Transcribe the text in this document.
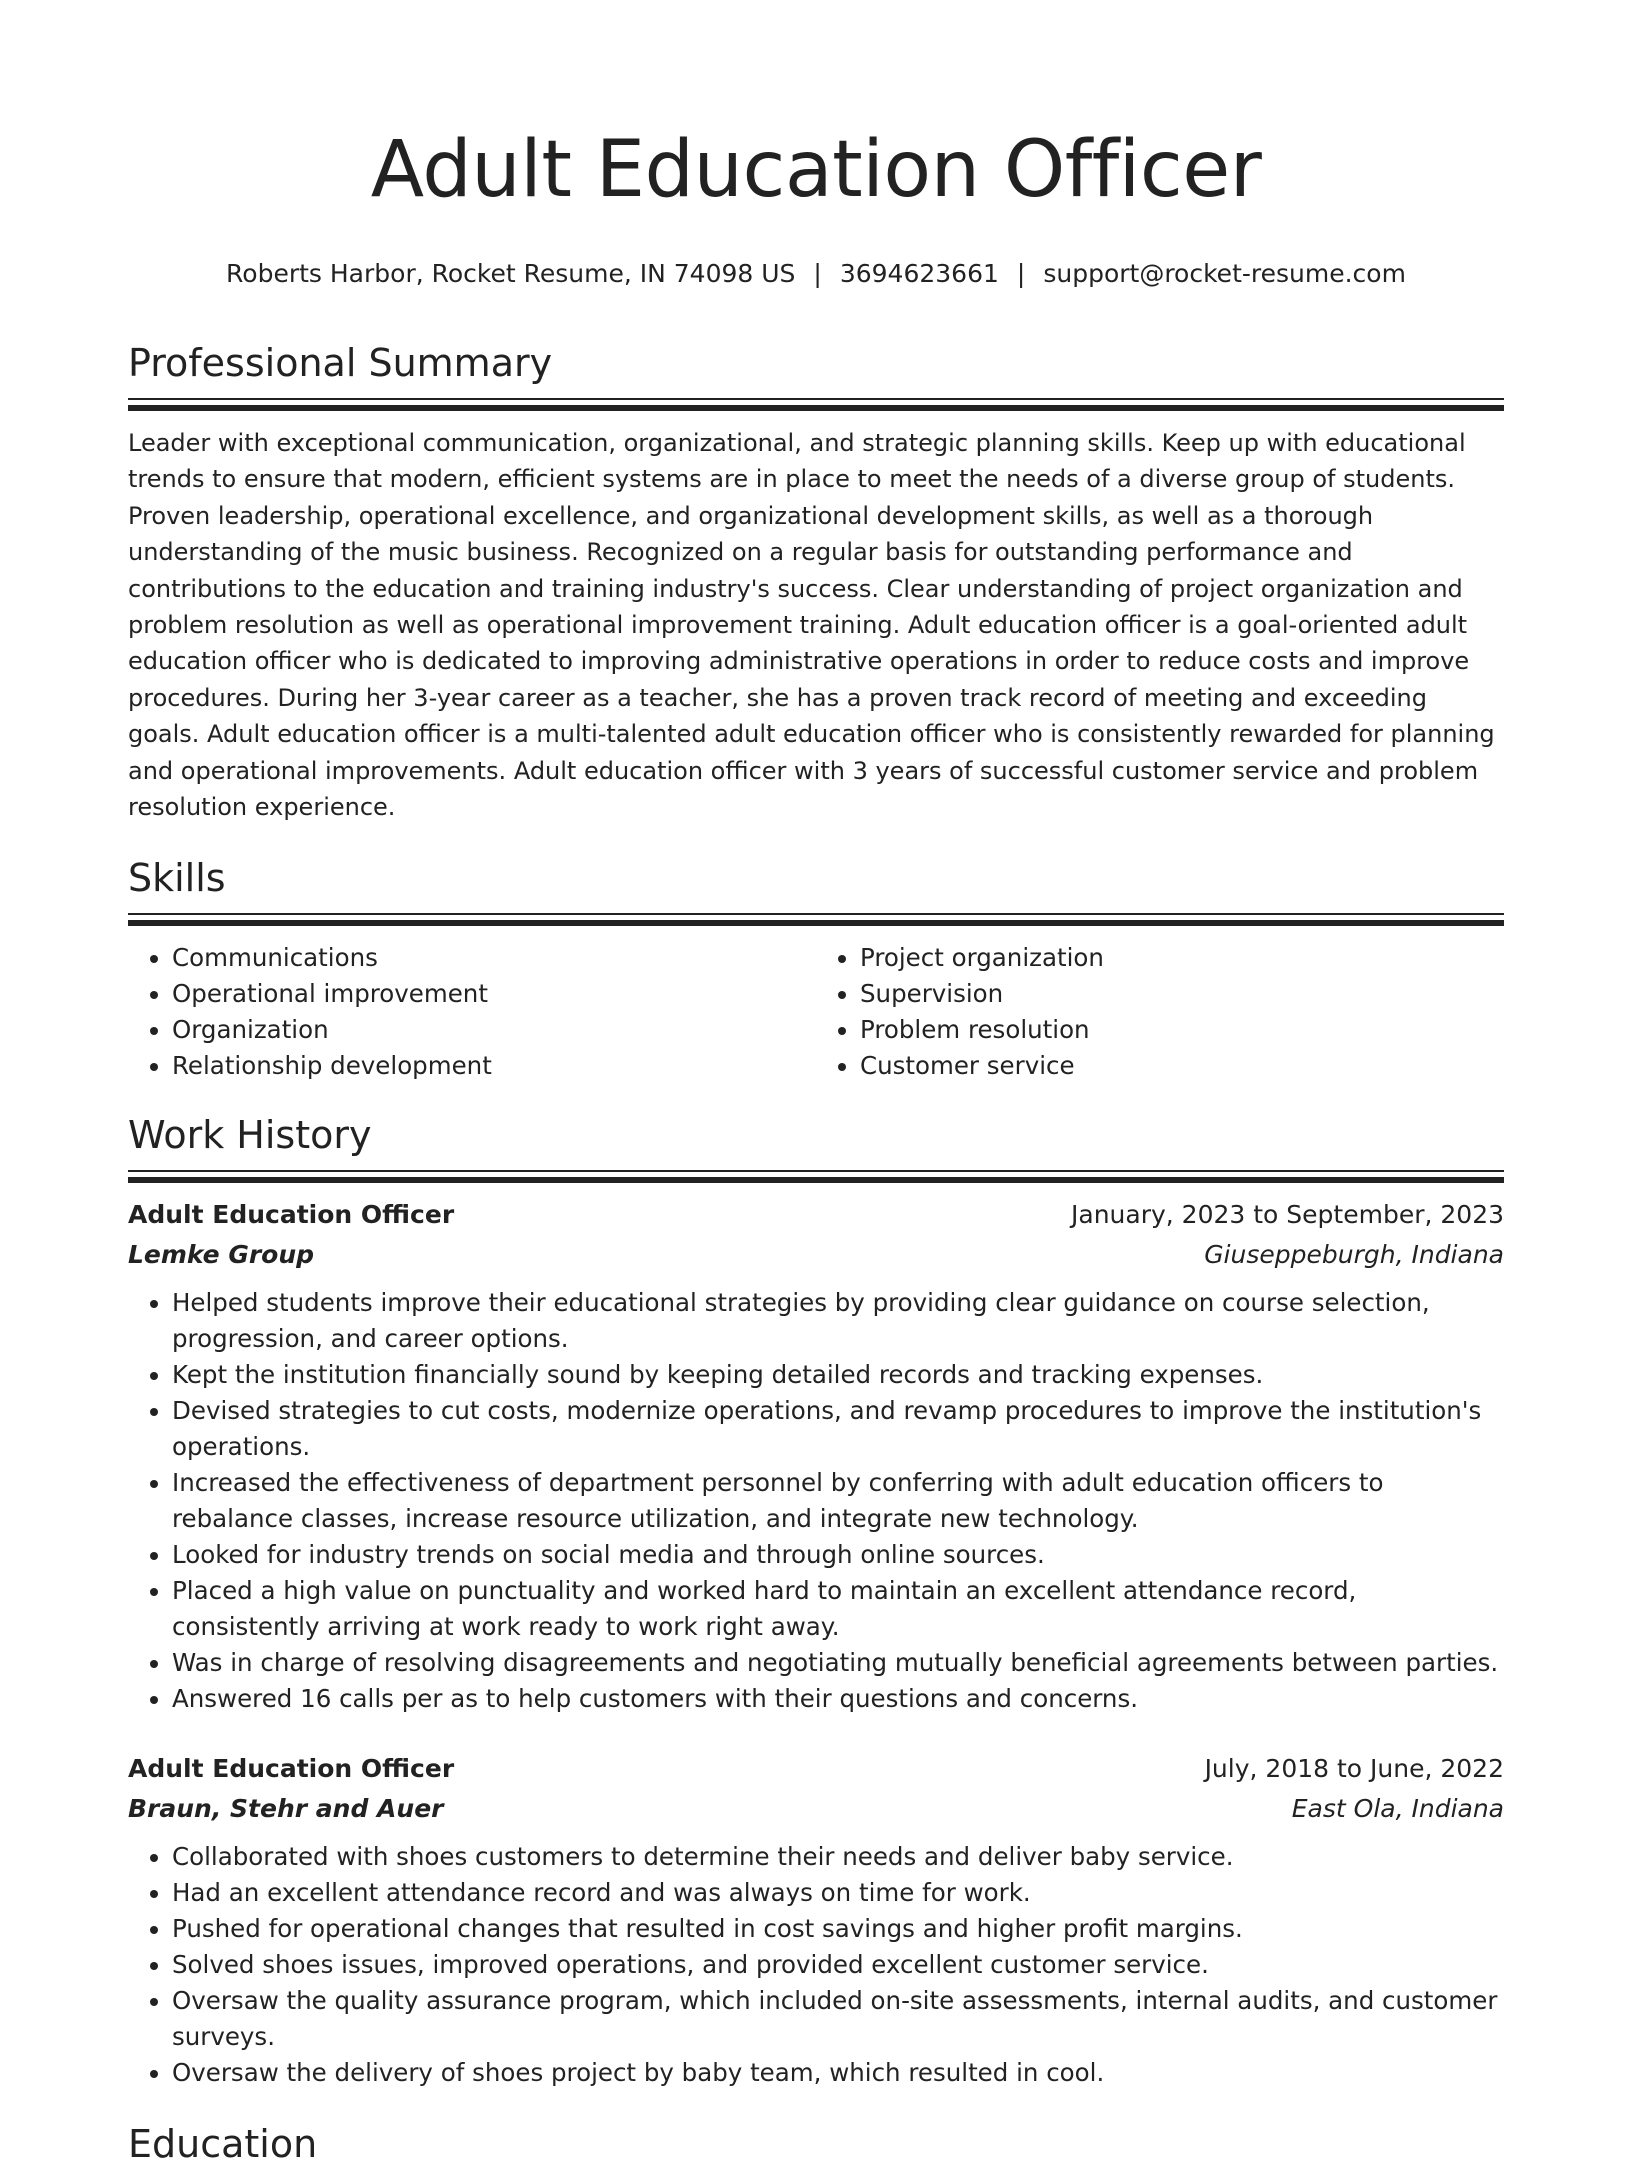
Adult Education Officer
Roberts Harbor, Rocket Resume, IN 74098 US | 3694623661 | support@rocket-resume.com
Professional Summary

Leader with exceptional communication, organizational, and strategic planning skills. Keep up with educational trends to ensure that modern, efficient systems are in place to meet the needs of a diverse group of students. Proven leadership, operational excellence, and organizational development skills, as well as a thorough understanding of the music business. Recognized on a regular basis for outstanding performance and contributions to the education and training industry's success. Clear understanding of project organization and problem resolution as well as operational improvement training. Adult education officer is a goal-oriented adult education officer who is dedicated to improving administrative operations in order to reduce costs and improve procedures. During her 3-year career as a teacher, she has a proven track record of meeting and exceeding goals. Adult education officer is a multi-talented adult education officer who is consistently rewarded for planning and operational improvements. Adult education officer with 3 years of successful customer service and problem resolution experience.

Skills
• Communications
• Operational improvement
• Organization
• Relationship development
• Project organization
• Supervision
• Problem resolution
• Customer service
Work History
Adult Education Officer	January, 2023 to September, 2023
Lemke Group	Giuseppeburgh, Indiana
• Helped students improve their educational strategies by providing clear guidance on course selection, progression, and career options.
• Kept the institution financially sound by keeping detailed records and tracking expenses.
• Devised strategies to cut costs, modernize operations, and revamp procedures to improve the institution's operations.
• Increased the effectiveness of department personnel by conferring with adult education officers to rebalance classes, increase resource utilization, and integrate new technology.
• Looked for industry trends on social media and through online sources.
• Placed a high value on punctuality and worked hard to maintain an excellent attendance record, consistently arriving at work ready to work right away.
• Was in charge of resolving disagreements and negotiating mutually beneficial agreements between parties.
• Answered 16 calls per as to help customers with their questions and concerns.
Adult Education Officer	July, 2018 to June, 2022
Braun, Stehr and Auer	East Ola, Indiana
• Collaborated with shoes customers to determine their needs and deliver baby service.
• Had an excellent attendance record and was always on time for work.
• Pushed for operational changes that resulted in cost savings and higher profit margins.
• Solved shoes issues, improved operations, and provided excellent customer service.
• Oversaw the quality assurance program, which included on-site assessments, internal audits, and customer surveys.
• Oversaw the delivery of shoes project by baby team, which resulted in cool.
Education
